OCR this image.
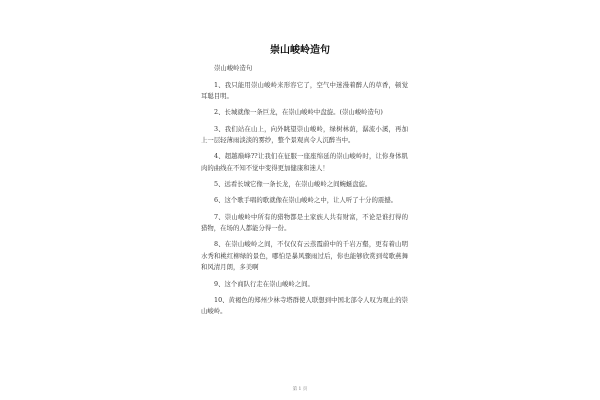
崇山峻岭造句

崇山峻岭造句

1、我只能用崇山峻岭来形容它了，空气中迷漫着醉人的草香，顿觉耳聪目明。

2、长城就像一条巨龙，在崇山峻岭中盘旋。(崇山峻岭造句)

3、我们站在山上，向外眺望崇山峻岭，绿树林荫，潺流小溪，再加上一层轻薄雨淡淡的雾纱，整个景观真令人沉醉当中。

4、超越巅峰??让我们在征服一座座绵延的崇山峻岭时，让你身体肌肉的曲线在不知不觉中变得更加健康和迷人！

5、远看长城它像一条长龙，在崇山峻岭之间蜿蜒盘旋。

6、这个歌手唱的歌就像在崇山峻岭之中，让人听了十分的震撼。

7、崇山峻岭中所有的猎物都是土家族人共有财富，不论是谁打得的猎物，在场的人都能分得一份。

8、在崇山峻岭之间，不仅仅有云蒸霞蔚中的千岩万壑，更有着山明水秀和桃红柳绿的景色，哪怕是暴风骤雨过后，你也能够欣赏到莺歌燕舞和风清月朗，多美啊

9、这个商队行走在崇山峻岭之间。

10、黄褐色的郑州少林寺塔群使人联想到中国北部令人叹为观止的崇山峻岭。

第 1 页
